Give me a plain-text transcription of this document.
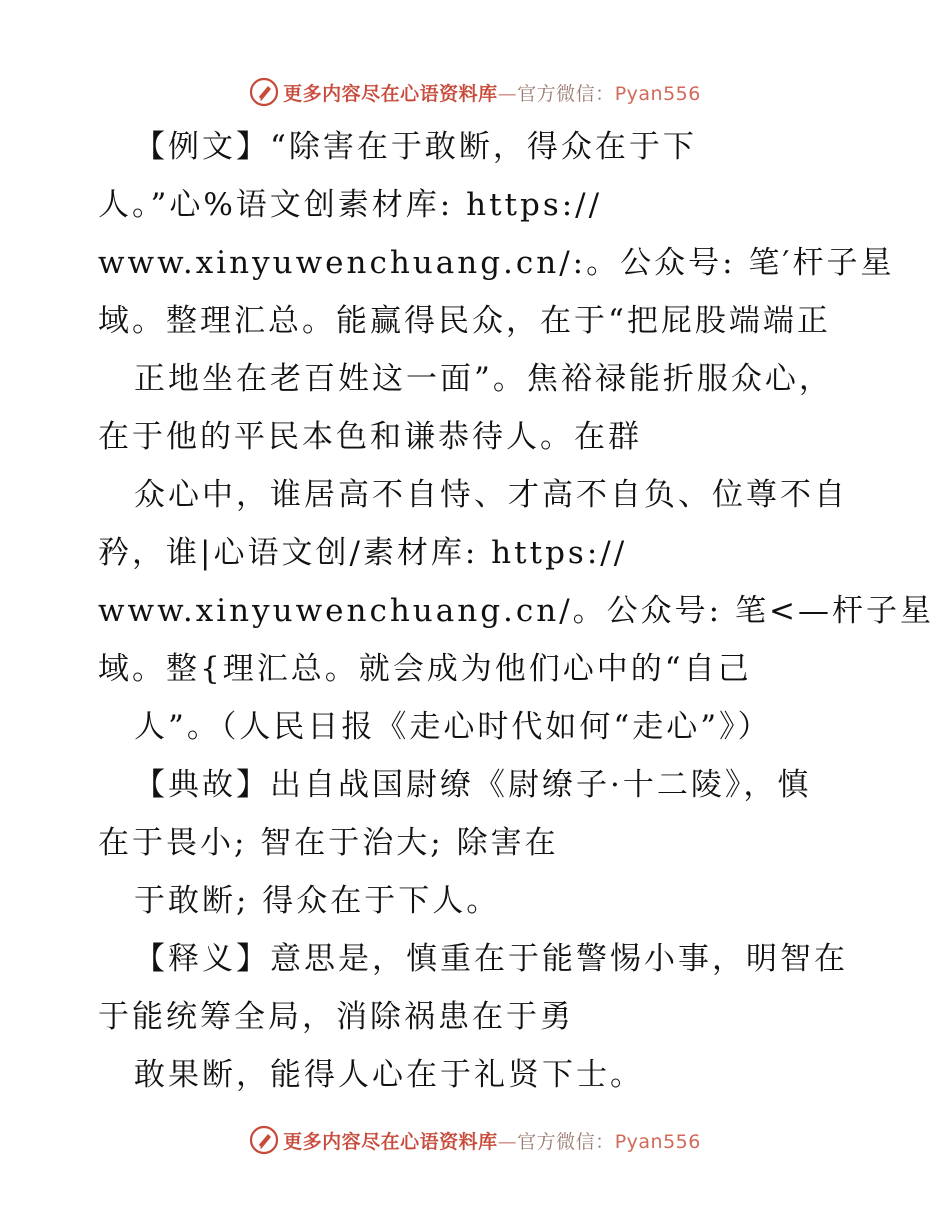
更多内容尽在心语资料库—官方微信：Pyan556
【例文】“除害在于敢断，得众在于下
人。”心%语文创素材库: https://
www.xinyuwenchuang.cn/:。公众号: 笔′杆子星
域。整理汇总。能赢得民众，在于“把屁股端端正
正地坐在老百姓这一面”。焦裕禄能折服众心，
在于他的平民本色和谦恭待人。在群
众心中，谁居高不自恃、才高不自负、位尊不自
矜，谁|心语文创/素材库: https://
www.xinyuwenchuang.cn/。公众号: 笔<—杆子星
域。整{理汇总。就会成为他们心中的“自己
人”。（人民日报《走心时代如何“走心”》）
【典故】出自战国尉缭《尉缭子·十二陵》，慎
在于畏小; 智在于治大; 除害在
于敢断; 得众在于下人。
【释义】意思是，慎重在于能警惕小事，明智在
于能统筹全局，消除祸患在于勇
敢果断，能得人心在于礼贤下士。
更多内容尽在心语资料库—官方微信：Pyan556
